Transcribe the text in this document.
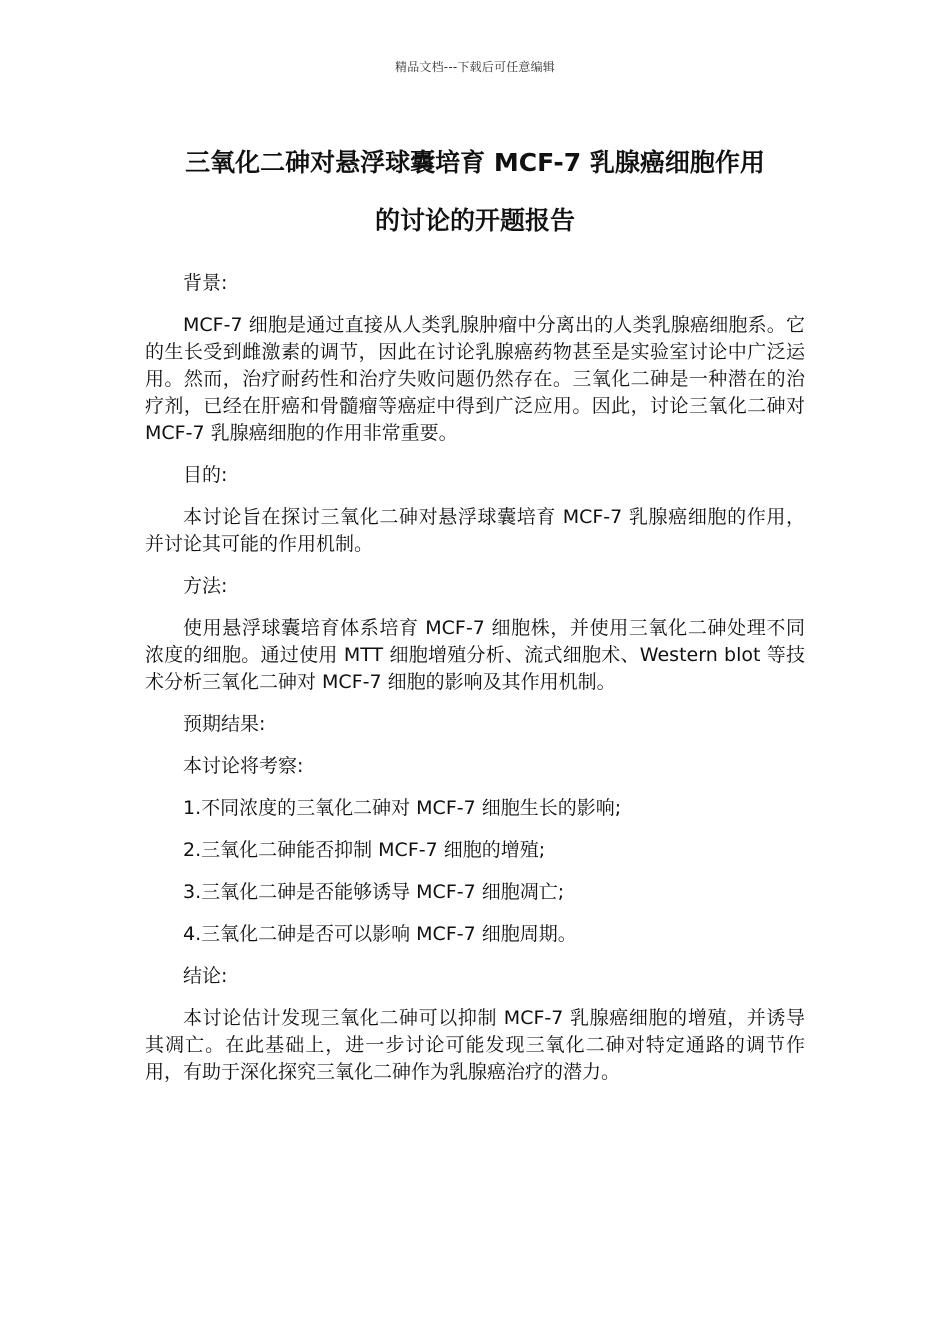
精品文档---下载后可任意编辑
三氧化二砷对悬浮球囊培育 MCF-7 乳腺癌细胞作用
的讨论的开题报告

背景:

MCF-7 细胞是通过直接从人类乳腺肿瘤中分离出的人类乳腺癌细胞系。它的生长受到雌激素的调节，因此在讨论乳腺癌药物甚至是实验室讨论中广泛运用。然而，治疗耐药性和治疗失败问题仍然存在。三氧化二砷是一种潜在的治疗剂，已经在肝癌和骨髓瘤等癌症中得到广泛应用。因此，讨论三氧化二砷对 MCF-7 乳腺癌细胞的作用非常重要。

目的:

本讨论旨在探讨三氧化二砷对悬浮球囊培育 MCF-7 乳腺癌细胞的作用，并讨论其可能的作用机制。

方法:

使用悬浮球囊培育体系培育 MCF-7 细胞株，并使用三氧化二砷处理不同浓度的细胞。通过使用 MTT 细胞增殖分析、流式细胞术、Western blot 等技术分析三氧化二砷对 MCF-7 细胞的影响及其作用机制。

预期结果:

本讨论将考察:

1.不同浓度的三氧化二砷对 MCF-7 细胞生长的影响;

2.三氧化二砷能否抑制 MCF-7 细胞的增殖;

3.三氧化二砷是否能够诱导 MCF-7 细胞凋亡;

4.三氧化二砷是否可以影响 MCF-7 细胞周期。

结论:

本讨论估计发现三氧化二砷可以抑制 MCF-7 乳腺癌细胞的增殖，并诱导其凋亡。在此基础上，进一步讨论可能发现三氧化二砷对特定通路的调节作用，有助于深化探究三氧化二砷作为乳腺癌治疗的潜力。
